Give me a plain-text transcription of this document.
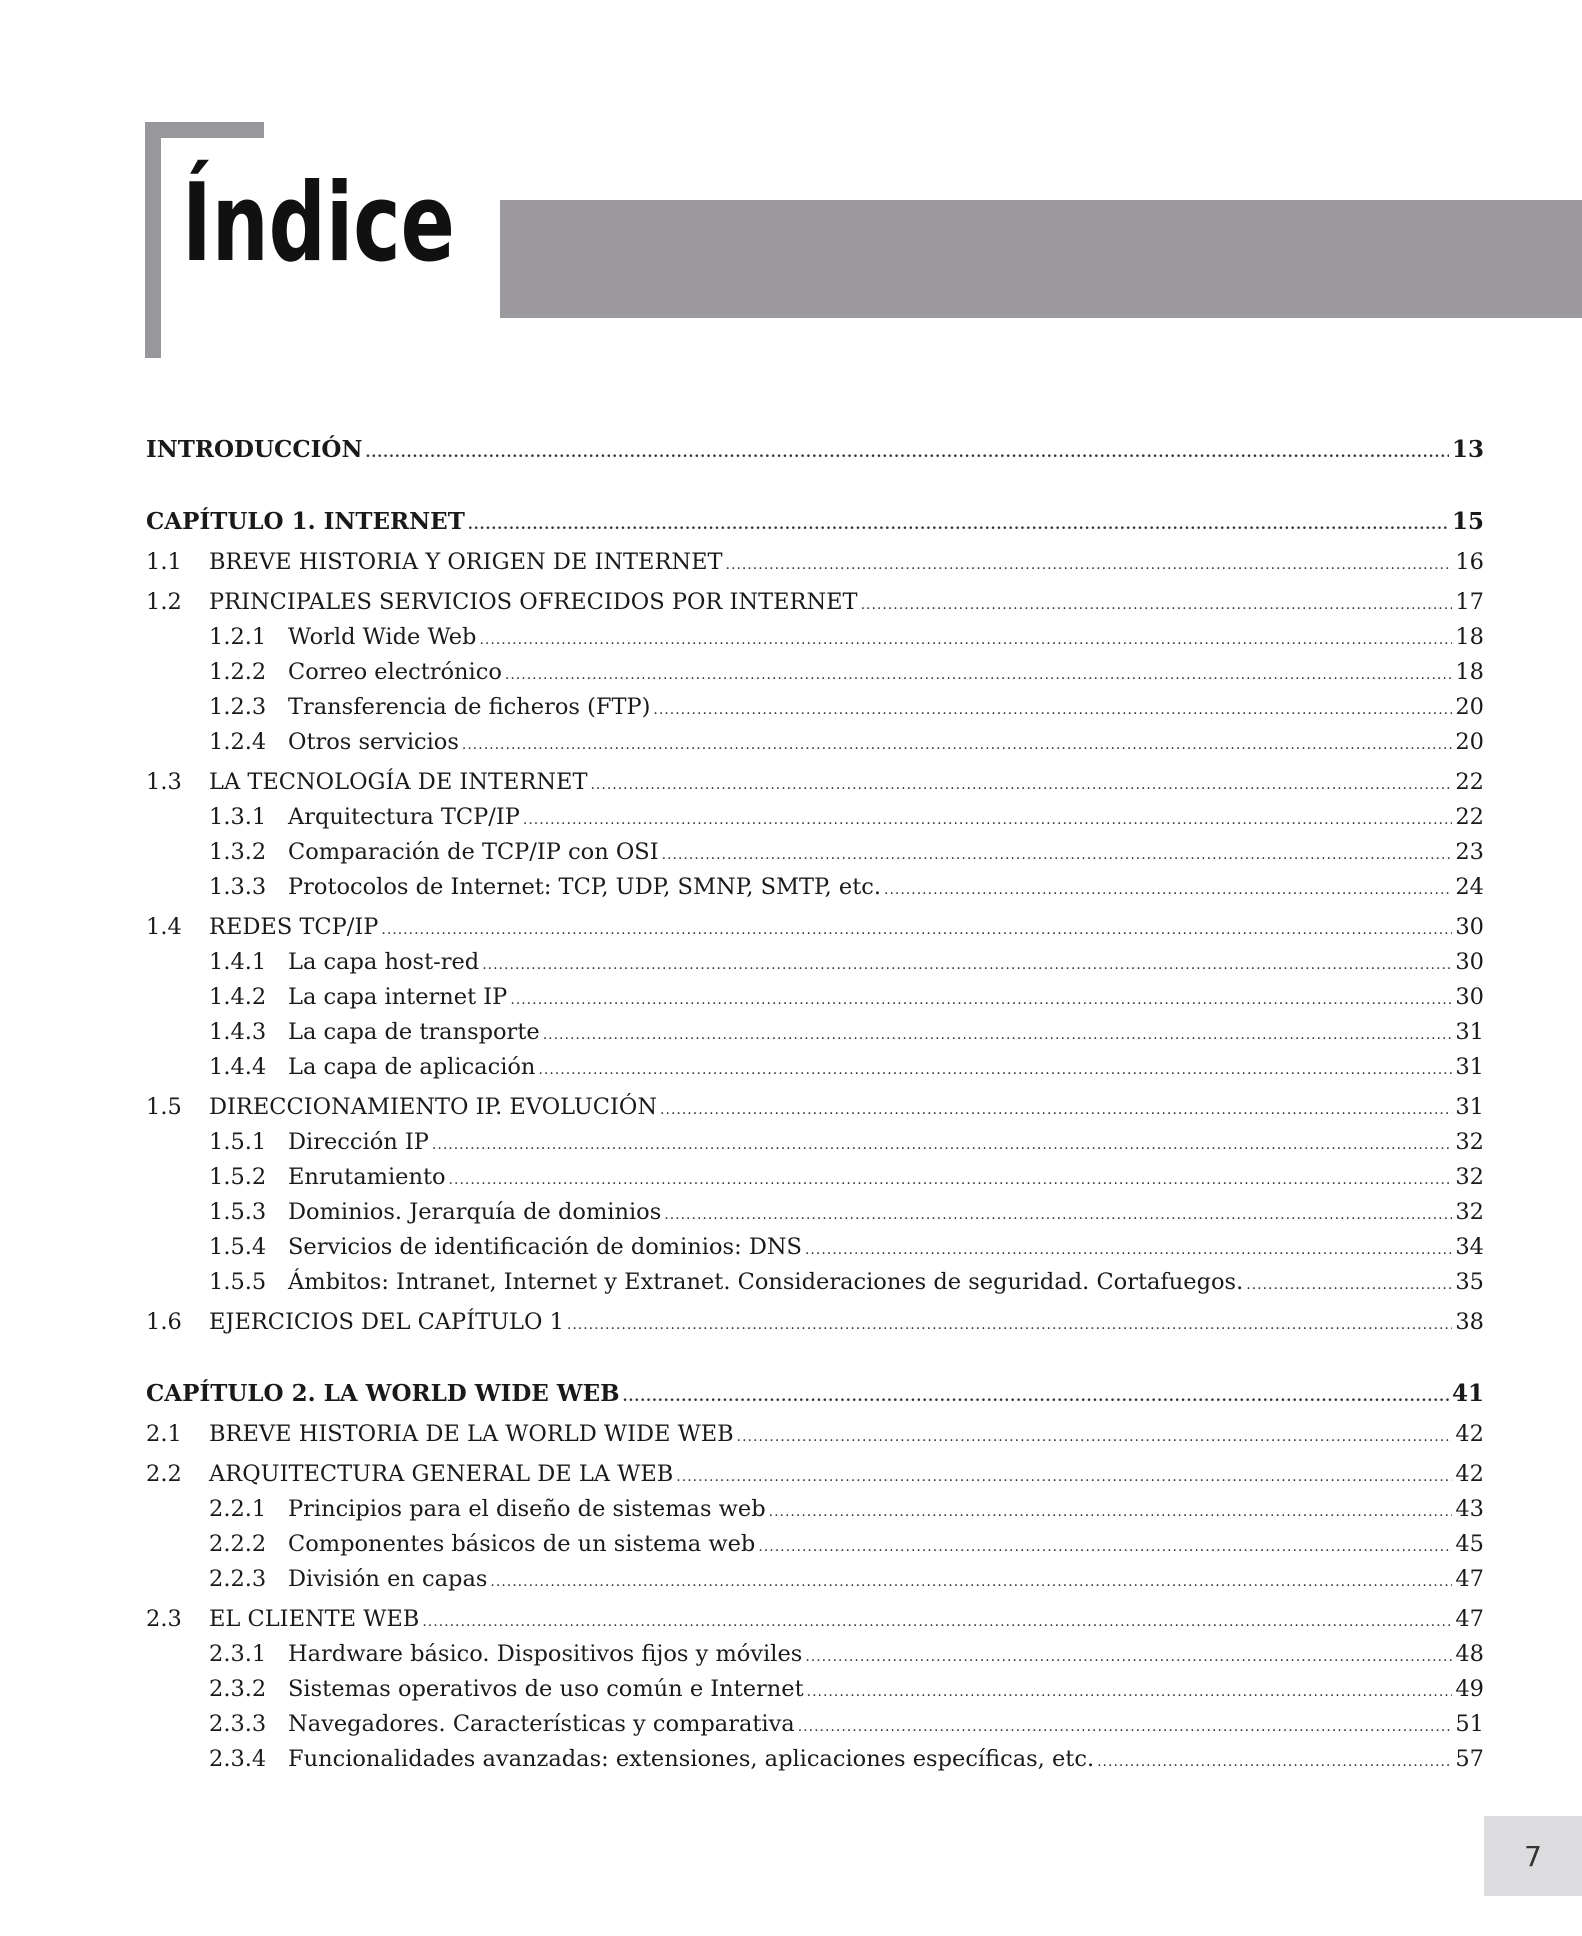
Índice
INTRODUCCIÓN .....	13
CAPÍTULO 1. INTERNET .....	15
1.1	BREVE HISTORIA Y ORIGEN DE INTERNET .....	16
1.2	PRINCIPALES SERVICIOS OFRECIDOS POR INTERNET .....	17
1.2.1 World Wide Web .....	18
1.2.2 Correo electrónico .....	18
1.2.3 Transferencia de ficheros (FTP) .....	20
1.2.4 Otros servicios .....	20
1.3	LA TECNOLOGÍA DE INTERNET .....	22
1.3.1 Arquitectura TCP/IP .....	22
1.3.2 Comparación de TCP/IP con OSI .....	23
1.3.3 Protocolos de Internet: TCP, UDP, SMNP, SMTP, etc. .....	24
1.4	REDES TCP/IP .....	30
1.4.1 La capa host-red .....	30
1.4.2 La capa internet IP .....	30
1.4.3 La capa de transporte .....	31
1.4.4 La capa de aplicación .....	31
1.5	DIRECCIONAMIENTO IP. EVOLUCIÓN .....	31
1.5.1 Dirección IP .....	32
1.5.2 Enrutamiento .....	32
1.5.3 Dominios. Jerarquía de dominios .....	32
1.5.4 Servicios de identificación de dominios: DNS .....	34
1.5.5 Ámbitos: Intranet, Internet y Extranet. Consideraciones de seguridad. Cortafuegos. .....	35
1.6	EJERCICIOS DEL CAPÍTULO 1 .....	38
CAPÍTULO 2. LA WORLD WIDE WEB .....	41
2.1	BREVE HISTORIA DE LA WORLD WIDE WEB .....	42
2.2	ARQUITECTURA GENERAL DE LA WEB .....	42
2.2.1 Principios para el diseño de sistemas web .....	43
2.2.2 Componentes básicos de un sistema web .....	45
2.2.3 División en capas .....	47
2.3	EL CLIENTE WEB .....	47
2.3.1 Hardware básico. Dispositivos fijos y móviles .....	48
2.3.2 Sistemas operativos de uso común e Internet .....	49
2.3.3 Navegadores. Características y comparativa .....	51
2.3.4 Funcionalidades avanzadas: extensiones, aplicaciones específicas, etc. .....	57
7
